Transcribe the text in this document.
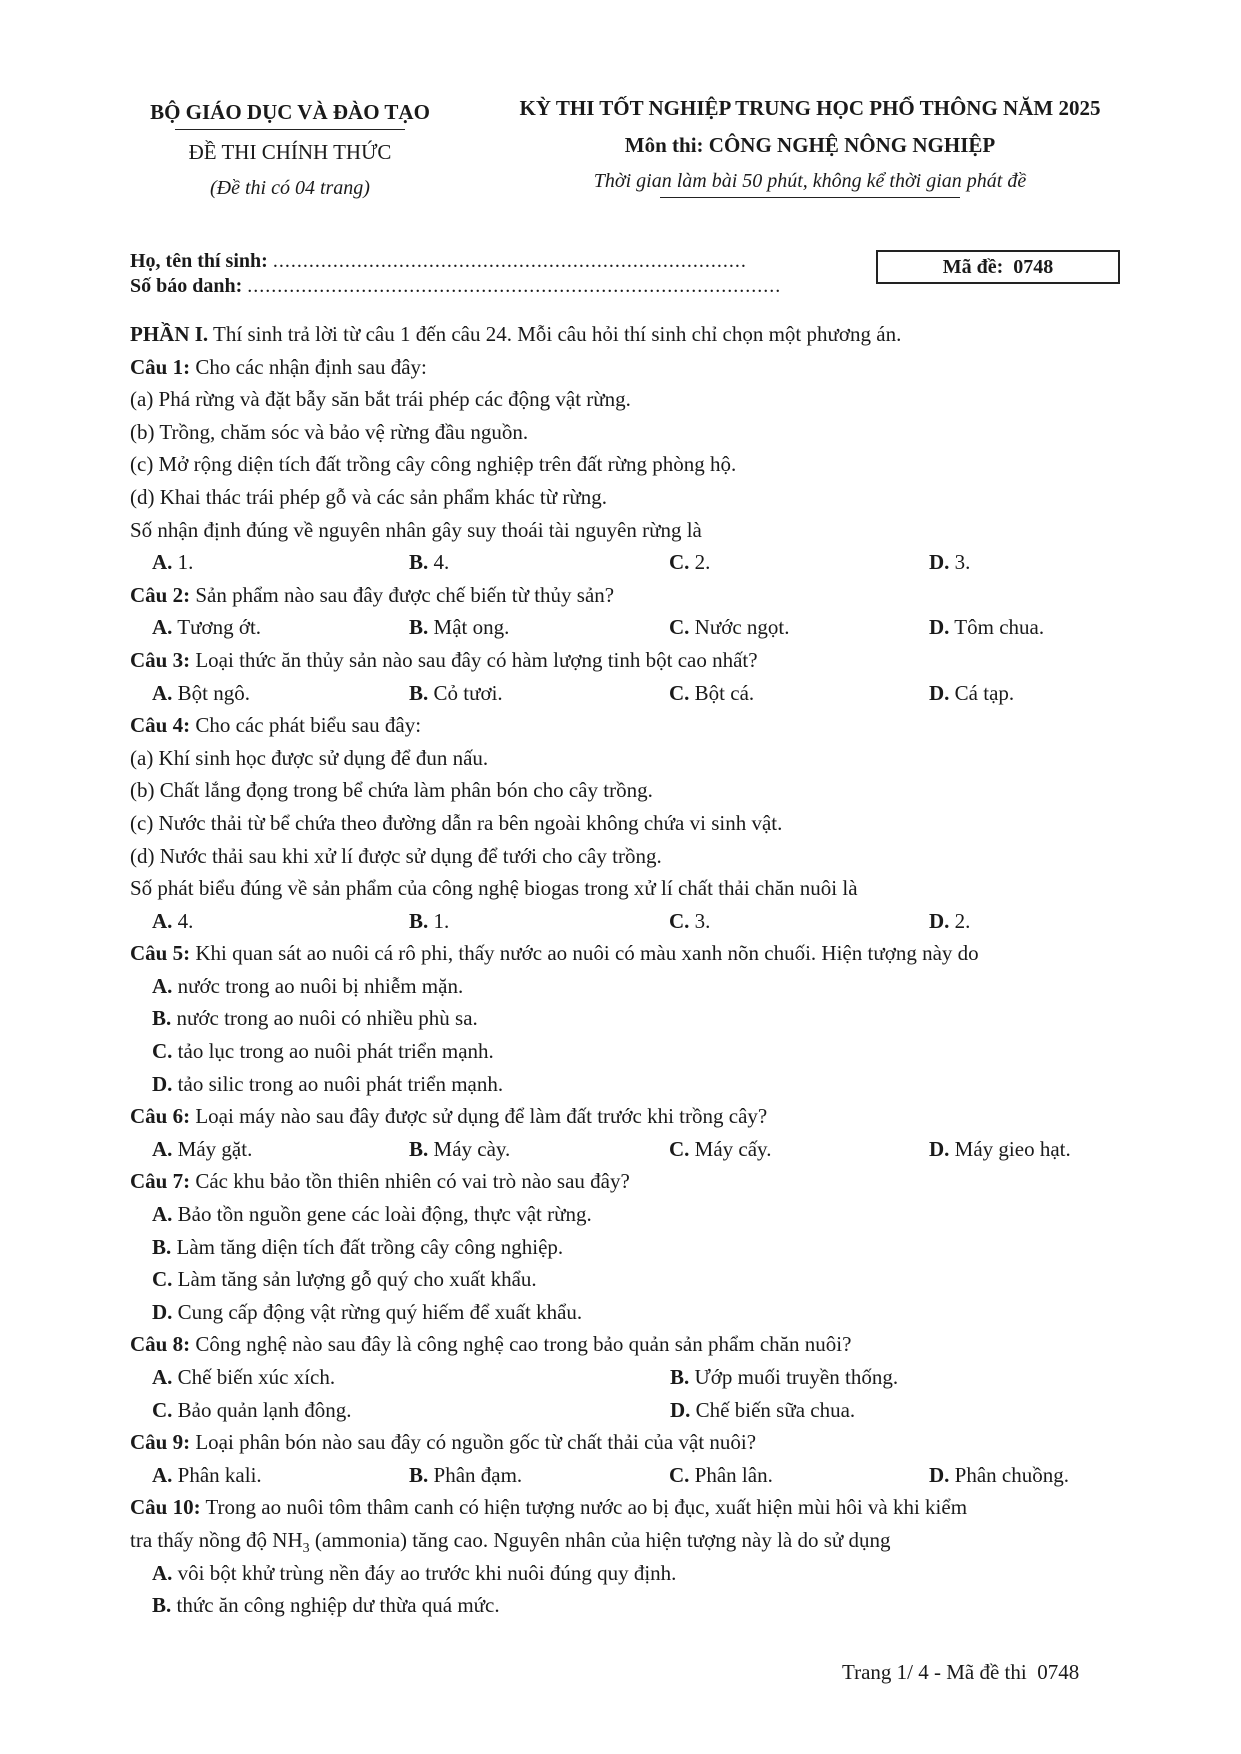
BỘ GIÁO DỤC VÀ ĐÀO TẠO
ĐỀ THI CHÍNH THỨC
(Đề thi có 04 trang)
KỲ THI TỐT NGHIỆP TRUNG HỌC PHỔ THÔNG NĂM 2025
Môn thi: CÔNG NGHỆ NÔNG NGHIỆP
Thời gian làm bài 50 phút, không kể thời gian phát đề
Họ, tên thí sinh: ...............................................................................
Số báo danh: .........................................................................................
Mã đề: 0748
PHẦN I. Thí sinh trả lời từ câu 1 đến câu 24. Mỗi câu hỏi thí sinh chỉ chọn một phương án.
Câu 1: Cho các nhận định sau đây:
(a) Phá rừng và đặt bẫy săn bắt trái phép các động vật rừng.
(b) Trồng, chăm sóc và bảo vệ rừng đầu nguồn.
(c) Mở rộng diện tích đất trồng cây công nghiệp trên đất rừng phòng hộ.
(d) Khai thác trái phép gỗ và các sản phẩm khác từ rừng.
Số nhận định đúng về nguyên nhân gây suy thoái tài nguyên rừng là
A. 1.	B. 4.	C. 2.	D. 3.
Câu 2: Sản phẩm nào sau đây được chế biến từ thủy sản?
A. Tương ớt.	B. Mật ong.	C. Nước ngọt.	D. Tôm chua.
Câu 3: Loại thức ăn thủy sản nào sau đây có hàm lượng tinh bột cao nhất?
A. Bột ngô.	B. Cỏ tươi.	C. Bột cá.	D. Cá tạp.
Câu 4: Cho các phát biểu sau đây:
(a) Khí sinh học được sử dụng để đun nấu.
(b) Chất lắng đọng trong bể chứa làm phân bón cho cây trồng.
(c) Nước thải từ bể chứa theo đường dẫn ra bên ngoài không chứa vi sinh vật.
(d) Nước thải sau khi xử lí được sử dụng để tưới cho cây trồng.
Số phát biểu đúng về sản phẩm của công nghệ biogas trong xử lí chất thải chăn nuôi là
A. 4.	B. 1.	C. 3.	D. 2.
Câu 5: Khi quan sát ao nuôi cá rô phi, thấy nước ao nuôi có màu xanh nõn chuối. Hiện tượng này do
A. nước trong ao nuôi bị nhiễm mặn.
B. nước trong ao nuôi có nhiều phù sa.
C. tảo lục trong ao nuôi phát triển mạnh.
D. tảo silic trong ao nuôi phát triển mạnh.
Câu 6: Loại máy nào sau đây được sử dụng để làm đất trước khi trồng cây?
A. Máy gặt.	B. Máy cày.	C. Máy cấy.	D. Máy gieo hạt.
Câu 7: Các khu bảo tồn thiên nhiên có vai trò nào sau đây?
A. Bảo tồn nguồn gene các loài động, thực vật rừng.
B. Làm tăng diện tích đất trồng cây công nghiệp.
C. Làm tăng sản lượng gỗ quý cho xuất khẩu.
D. Cung cấp động vật rừng quý hiếm để xuất khẩu.
Câu 8: Công nghệ nào sau đây là công nghệ cao trong bảo quản sản phẩm chăn nuôi?
A. Chế biến xúc xích.	B. Ướp muối truyền thống.
C. Bảo quản lạnh đông.	D. Chế biến sữa chua.
Câu 9: Loại phân bón nào sau đây có nguồn gốc từ chất thải của vật nuôi?
A. Phân kali.	B. Phân đạm.	C. Phân lân.	D. Phân chuồng.
Câu 10: Trong ao nuôi tôm thâm canh có hiện tượng nước ao bị đục, xuất hiện mùi hôi và khi kiểm
tra thấy nồng độ $NH_3$ (ammonia) tăng cao. Nguyên nhân của hiện tượng này là do sử dụng
A. vôi bột khử trùng nền đáy ao trước khi nuôi đúng quy định.
B. thức ăn công nghiệp dư thừa quá mức.
Trang 1/ 4 - Mã đề thi 0748
